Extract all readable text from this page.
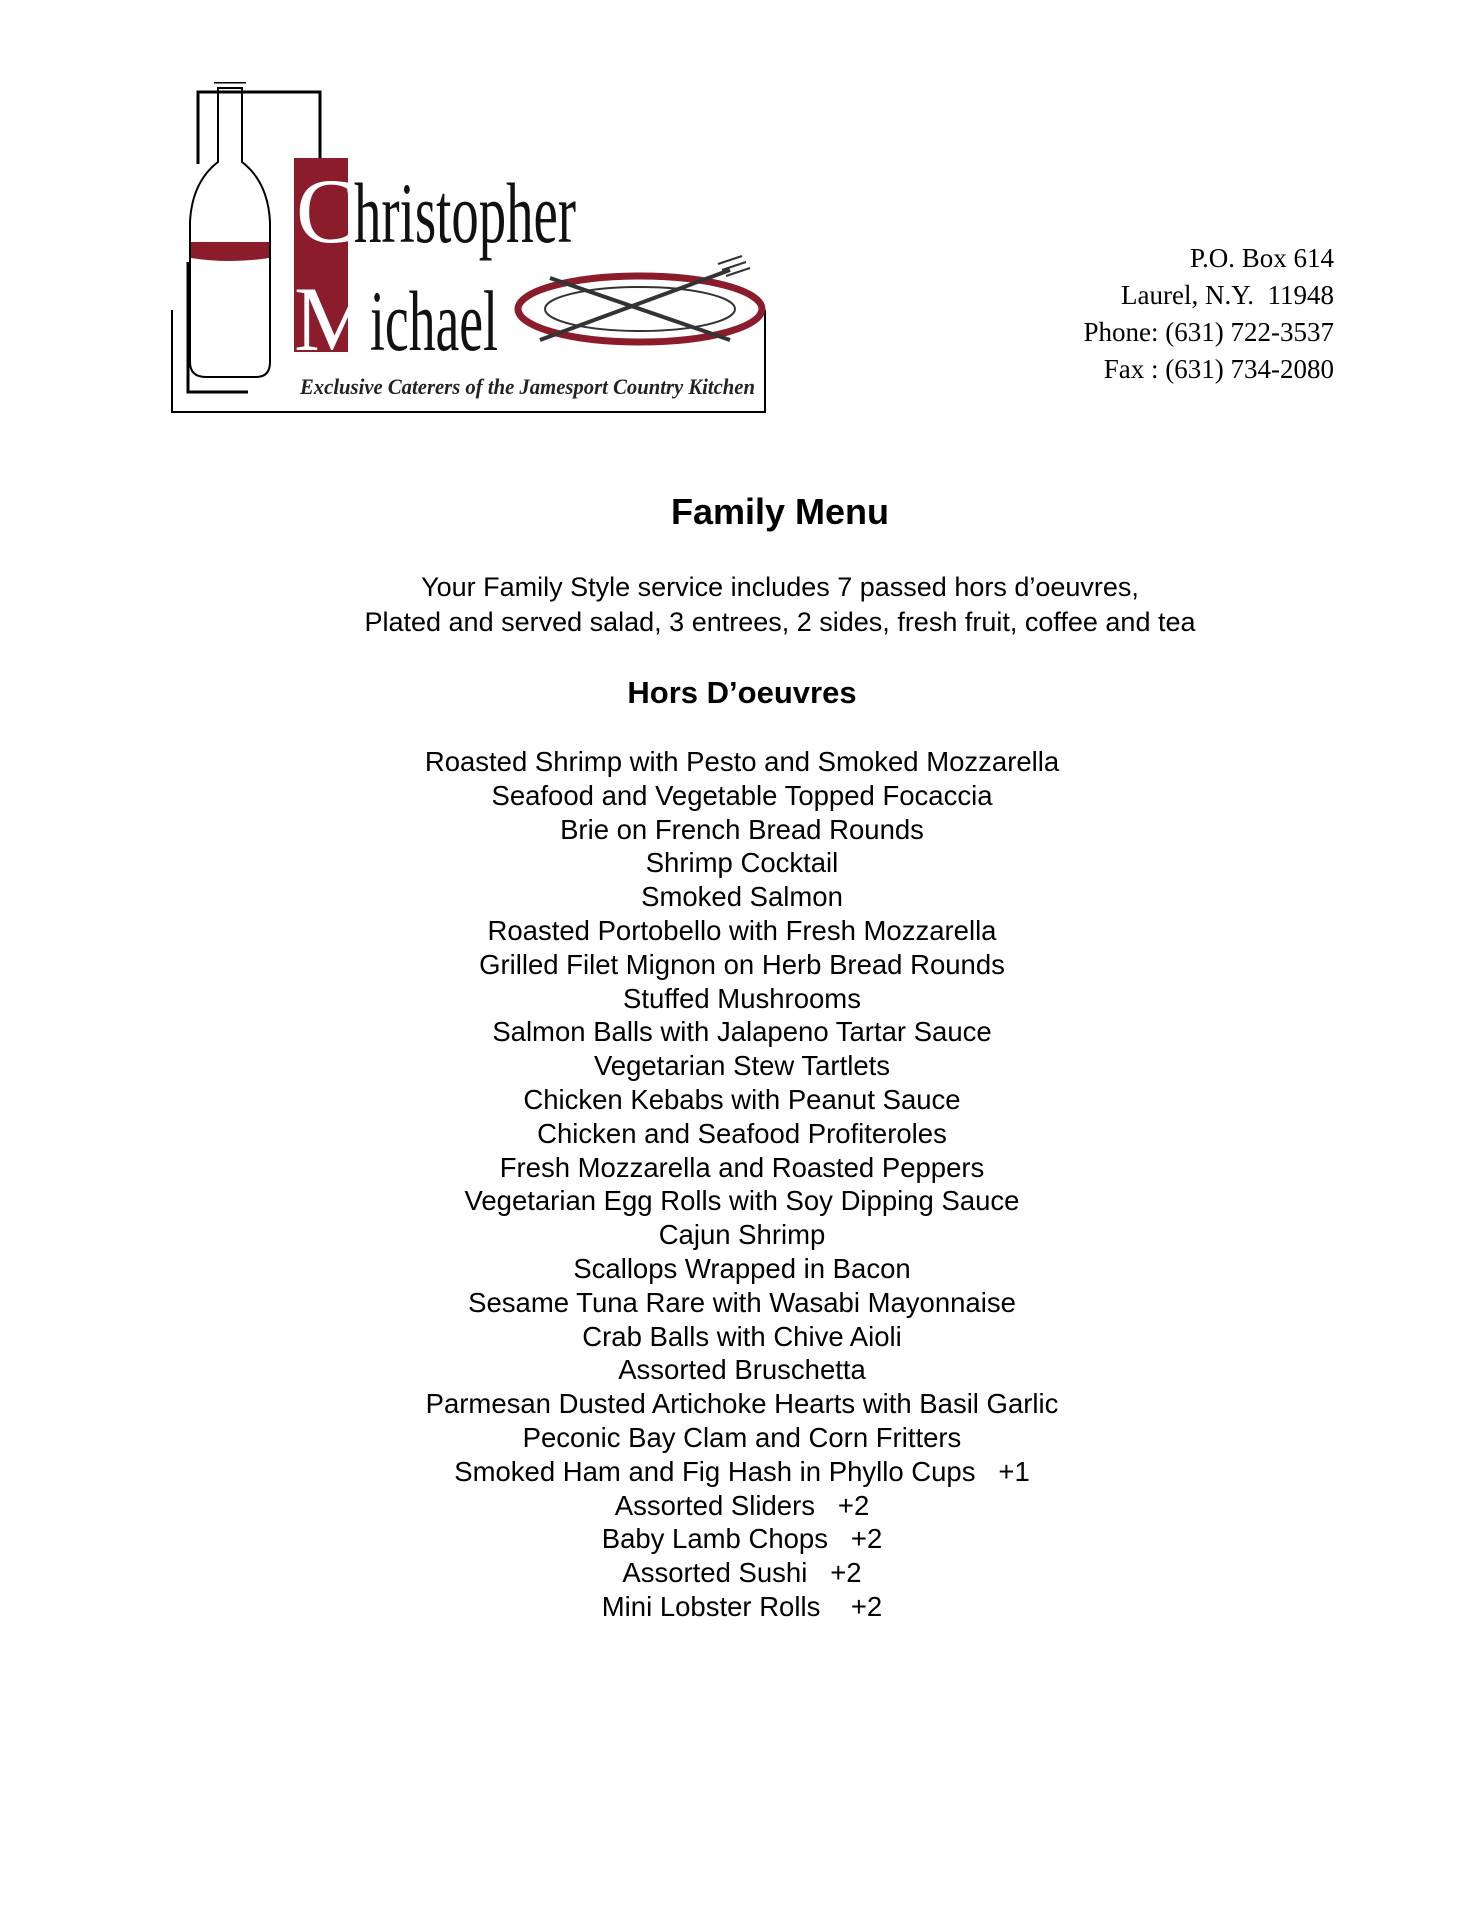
C
M
hristopher
ichael
Exclusive Caterers of the Jamesport Country Kitchen
P.O. Box 614
Laurel, N.Y.  11948
Phone: (631) 722-3537
Fax : (631) 734-2080
Family Menu
Your Family Style service includes 7 passed hors d’oeuvres,
Plated and served salad, 3 entrees, 2 sides, fresh fruit, coffee and tea
Hors D’oeuvres
Roasted Shrimp with Pesto and Smoked Mozzarella
Seafood and Vegetable Topped Focaccia
Brie on French Bread Rounds
Shrimp Cocktail
Smoked Salmon
Roasted Portobello with Fresh Mozzarella
Grilled Filet Mignon on Herb Bread Rounds
Stuffed Mushrooms
Salmon Balls with Jalapeno Tartar Sauce
Vegetarian Stew Tartlets
Chicken Kebabs with Peanut Sauce
Chicken and Seafood Profiteroles
Fresh Mozzarella and Roasted Peppers
Vegetarian Egg Rolls with Soy Dipping Sauce
Cajun Shrimp
Scallops Wrapped in Bacon
Sesame Tuna Rare with Wasabi Mayonnaise
Crab Balls with Chive Aioli
Assorted Bruschetta
Parmesan Dusted Artichoke Hearts with Basil Garlic
Peconic Bay Clam and Corn Fritters
Smoked Ham and Fig Hash in Phyllo Cups   +1
Assorted Sliders   +2
Baby Lamb Chops   +2
Assorted Sushi   +2
Mini Lobster Rolls    +2
